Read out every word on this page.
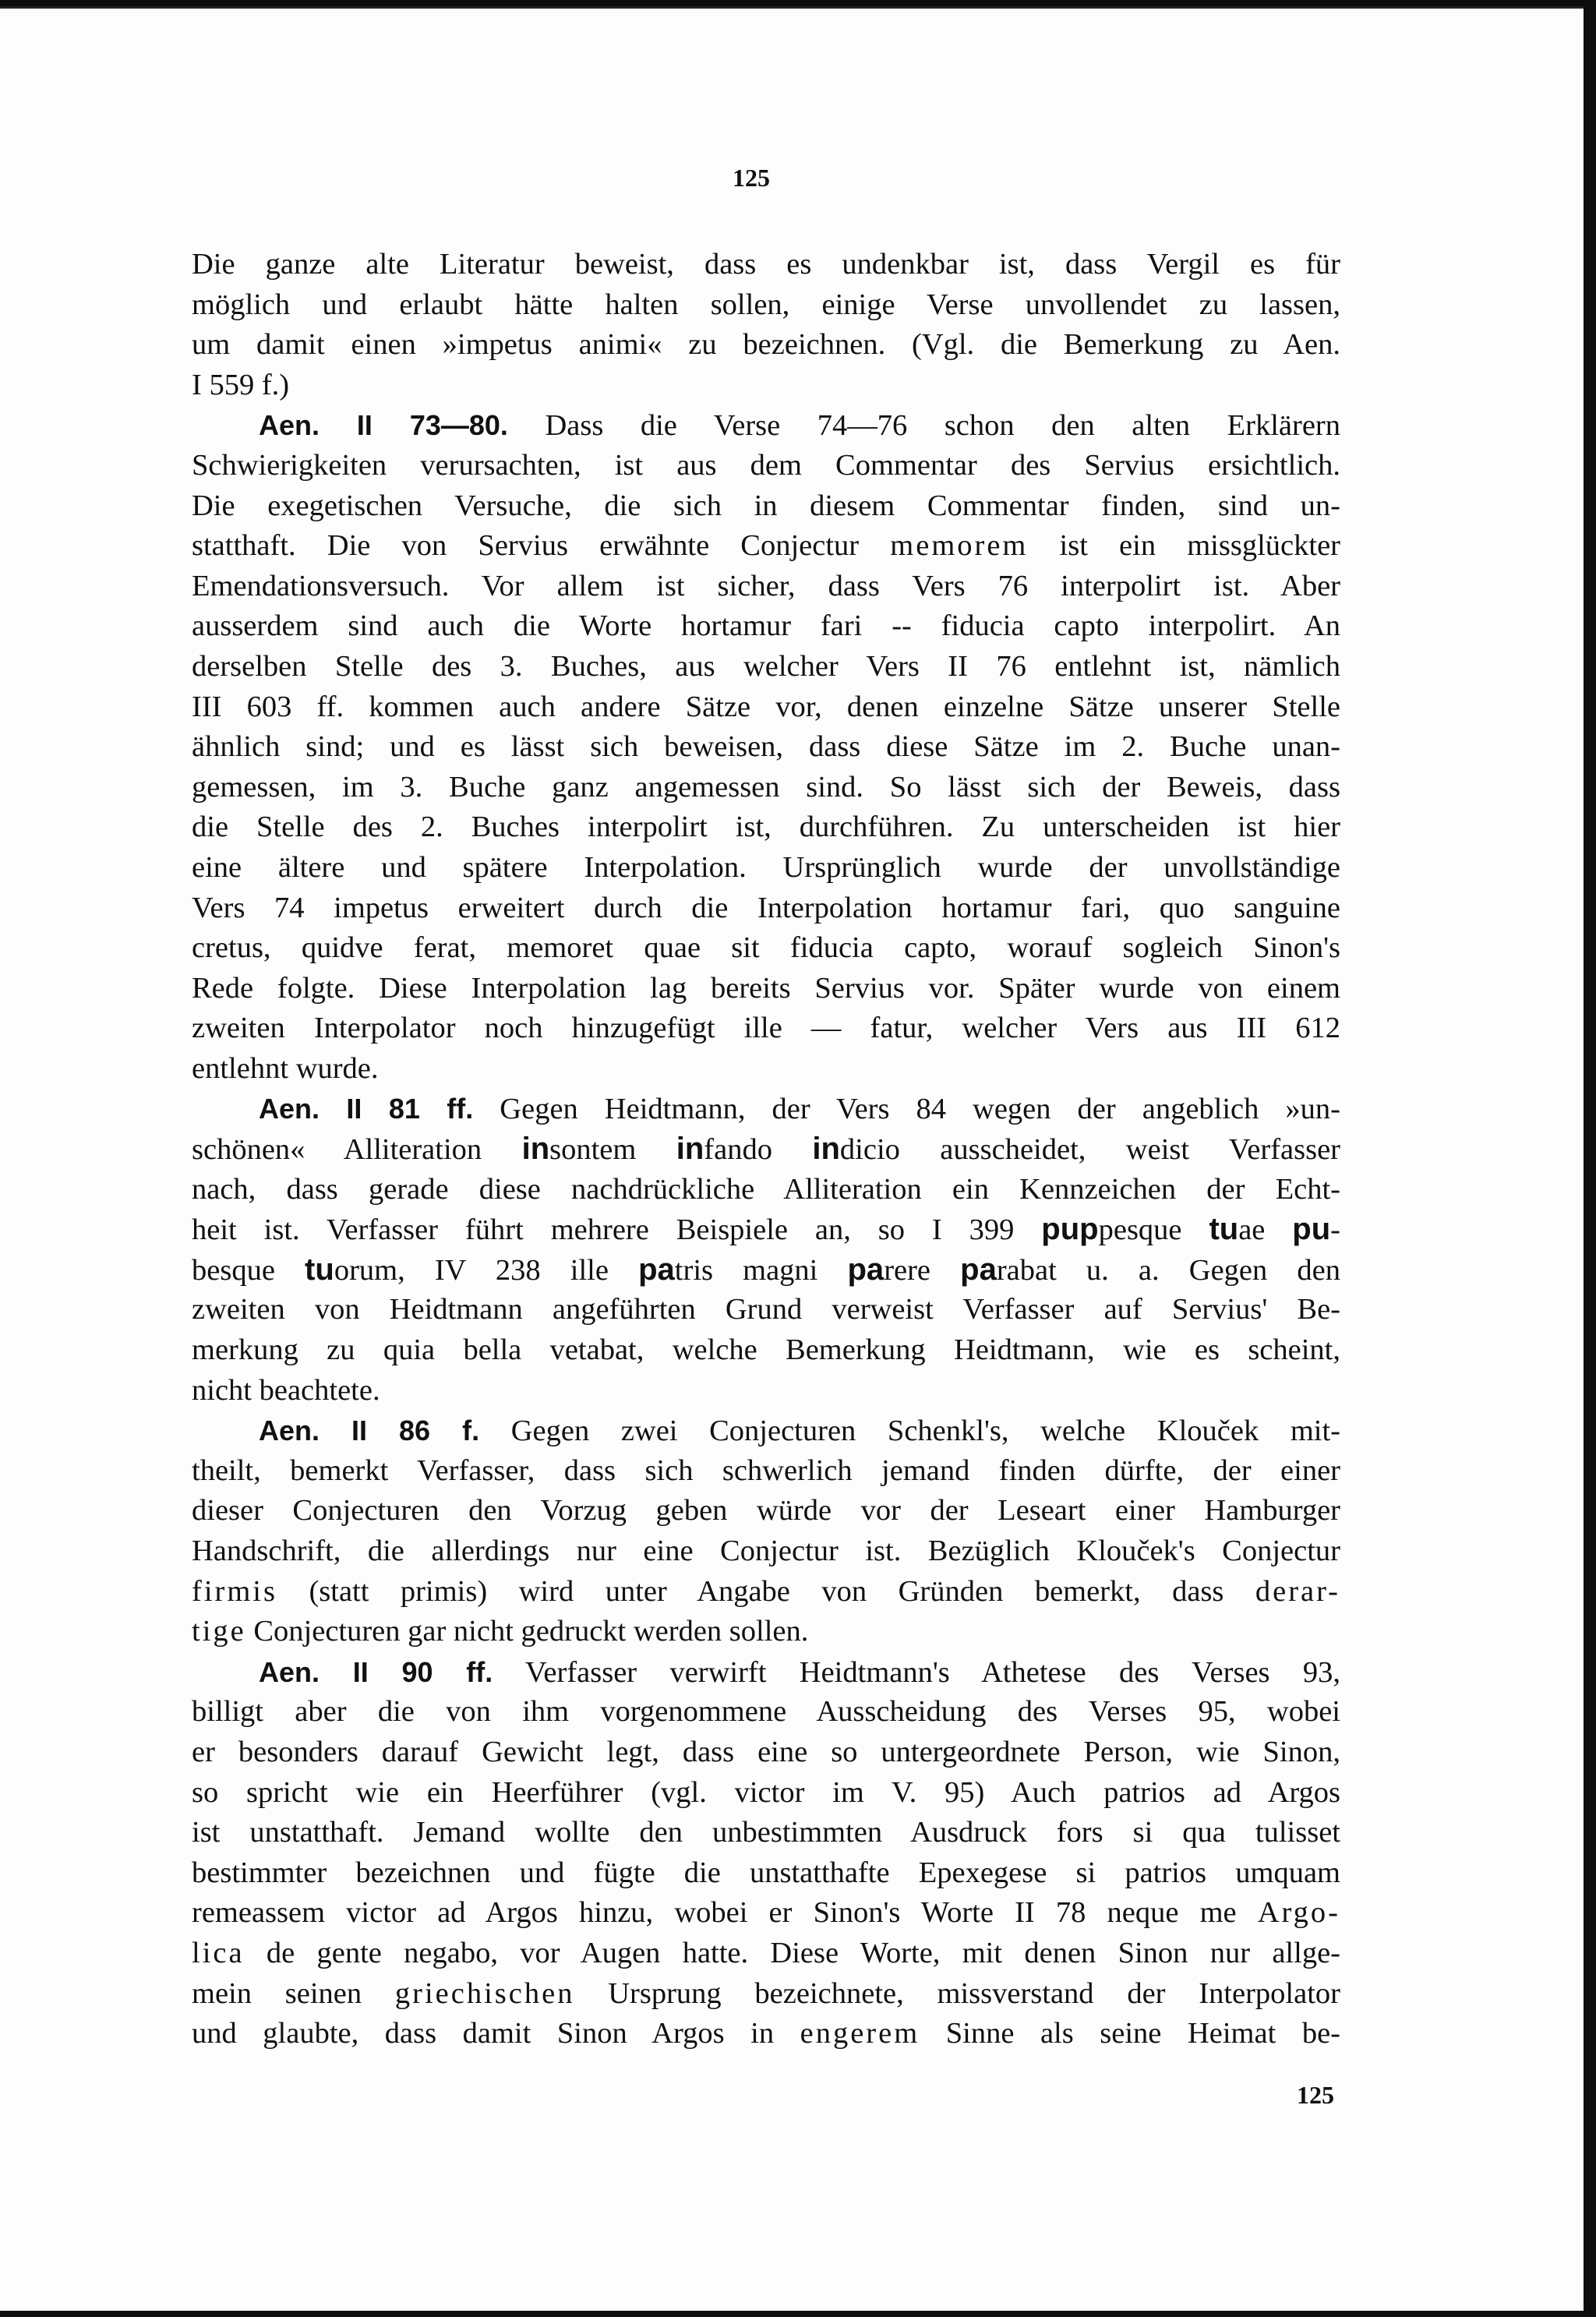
125
Die ganze alte Literatur beweist, dass es undenkbar ist, dass Vergil es für
möglich und erlaubt hätte halten sollen, einige Verse unvollendet zu lassen,
um damit einen »impetus animi« zu bezeichnen. (Vgl. die Bemerkung zu Aen.
I 559 f.)
Aen. II 73—80. Dass die Verse 74—76 schon den alten Erklärern
Schwierigkeiten verursachten, ist aus dem Commentar des Servius ersichtlich.
Die exegetischen Versuche, die sich in diesem Commentar finden, sind un-
statthaft. Die von Servius erwähnte Conjectur memorem ist ein missglückter
Emendationsversuch. Vor allem ist sicher, dass Vers 76 interpolirt ist. Aber
ausserdem sind auch die Worte hortamur fari -- fiducia capto interpolirt. An
derselben Stelle des 3. Buches, aus welcher Vers II 76 entlehnt ist, nämlich
III 603 ff. kommen auch andere Sätze vor, denen einzelne Sätze unserer Stelle
ähnlich sind; und es lässt sich beweisen, dass diese Sätze im 2. Buche unan-
gemessen, im 3. Buche ganz angemessen sind. So lässt sich der Beweis, dass
die Stelle des 2. Buches interpolirt ist, durchführen. Zu unterscheiden ist hier
eine ältere und spätere Interpolation. Ursprünglich wurde der unvollständige
Vers 74 impetus erweitert durch die Interpolation hortamur fari, quo sanguine
cretus, quidve ferat, memoret quae sit fiducia capto, worauf sogleich Sinon's
Rede folgte. Diese Interpolation lag bereits Servius vor. Später wurde von einem
zweiten Interpolator noch hinzugefügt ille — fatur, welcher Vers aus III 612
entlehnt wurde.
Aen. II 81 ff. Gegen Heidtmann, der Vers 84 wegen der angeblich »un-
schönen« Alliteration insontem infando indicio ausscheidet, weist Verfasser
nach, dass gerade diese nachdrückliche Alliteration ein Kennzeichen der Echt-
heit ist. Verfasser führt mehrere Beispiele an, so I 399 puppesque tuae pu-
besque tuorum, IV 238 ille patris magni parere parabat u. a. Gegen den
zweiten von Heidtmann angeführten Grund verweist Verfasser auf Servius' Be-
merkung zu quia bella vetabat, welche Bemerkung Heidtmann, wie es scheint,
nicht beachtete.
Aen. II 86 f. Gegen zwei Conjecturen Schenkl's, welche Klouček mit-
theilt, bemerkt Verfasser, dass sich schwerlich jemand finden dürfte, der einer
dieser Conjecturen den Vorzug geben würde vor der Leseart einer Hamburger
Handschrift, die allerdings nur eine Conjectur ist. Bezüglich Klouček's Conjectur
firmis (statt primis) wird unter Angabe von Gründen bemerkt, dass derar-
tige Conjecturen gar nicht gedruckt werden sollen.
Aen. II 90 ff. Verfasser verwirft Heidtmann's Athetese des Verses 93,
billigt aber die von ihm vorgenommene Ausscheidung des Verses 95, wobei
er besonders darauf Gewicht legt, dass eine so untergeordnete Person, wie Sinon,
so spricht wie ein Heerführer (vgl. victor im V. 95) Auch patrios ad Argos
ist unstatthaft. Jemand wollte den unbestimmten Ausdruck fors si qua tulisset
bestimmter bezeichnen und fügte die unstatthafte Epexegese si patrios umquam
remeassem victor ad Argos hinzu, wobei er Sinon's Worte II 78 neque me Argo-
lica de gente negabo, vor Augen hatte. Diese Worte, mit denen Sinon nur allge-
mein seinen griechischen Ursprung bezeichnete, missverstand der Interpolator
und glaubte, dass damit Sinon Argos in engerem Sinne als seine Heimat be-
125
